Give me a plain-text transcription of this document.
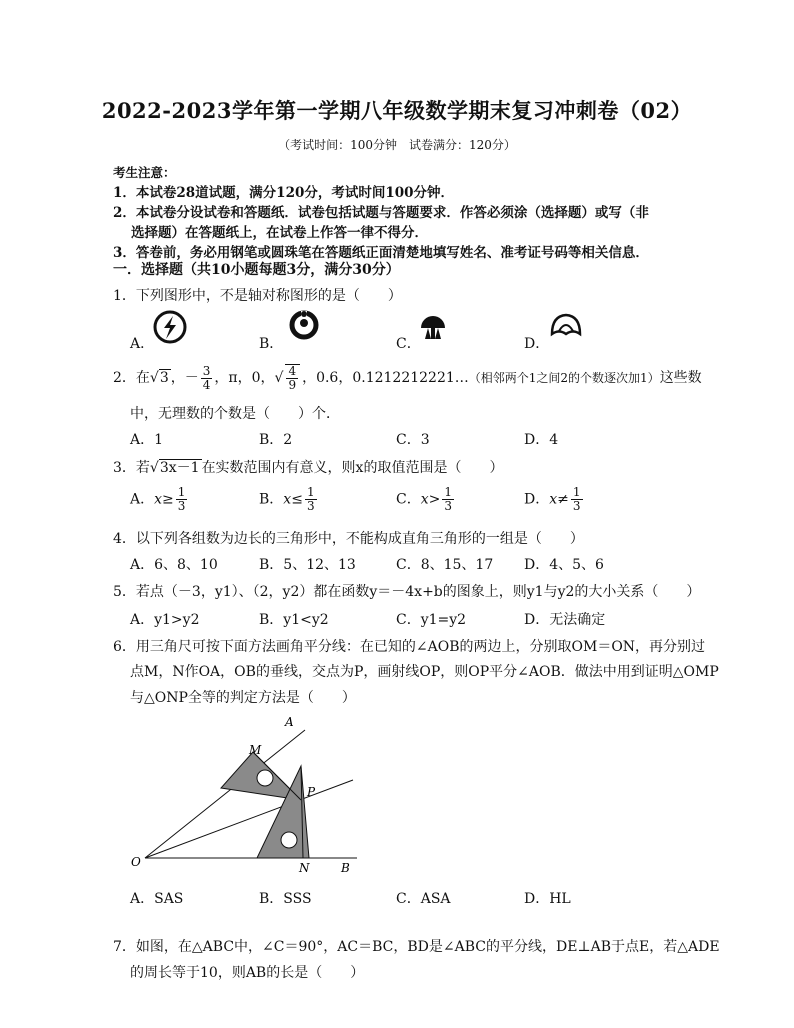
2022-2023学年第一学期八年级数学期末复习冲刺卷（02）
（考试时间：100分钟　试卷满分：120分）
考生注意：
1．本试卷28道试题，满分120分，考试时间100分钟．
2．本试卷分设试卷和答题纸．试卷包括试题与答题要求．作答必须涂（选择题）或写（非
选择题）在答题纸上，在试卷上作答一律不得分．
3．答卷前，务必用钢笔或圆珠笔在答题纸正面清楚地填写姓名、准考证号码等相关信息．
一．选择题（共10小题每题3分，满分30分）
1．下列图形中，不是轴对称图形的是（　　）
A．	B．	C．	D．
2．在√3 ，－ $\frac{3}{4}$ ，π，0，√ $\frac{4}{9}$ ，0.6，0.1212212221…（相邻两个1之间2的个数逐次加1）这些数
中，无理数的个数是（　　）个．
A．1	B．2	C．3	D．4
3．若√3x－1 在实数范围内有意义，则x的取值范围是（　　）
A．$x\ge \frac{1}{3}$	B．$x\le \frac{1}{3}$	C．$x> \frac{1}{3}$	D．$x\ne \frac{1}{3}$
4．以下列各组数为边长的三角形中，不能构成直角三角形的一组是（　　）
A．6、8、10	B．5、12、13	C．8、15、17 D．4、5、6
5．若点（－3，y1）、（2，y2）都在函数y＝－4x+b的图象上，则y1与y2的大小关系（　　）
A．y1>y2	B．y1<y2	C．y1=y2	D．无法确定
6．用三角尺可按下面方法画角平分线：在已知的∠AOB的两边上，分别取OM＝ON，再分别过
点M，N作OA，OB的垂线，交点为P，画射线OP，则OP平分∠AOB．做法中用到证明△OMP
与△ONP全等的判定方法是（　　）
A
M
P
O	N	B
A．SAS	B．SSS	C．ASA	D．HL
7．如图，在△ABC中，∠C＝90°，AC＝BC，BD是∠ABC的平分线，DE⊥AB于点E，若△ADE
的周长等于10，则AB的长是（　　）
